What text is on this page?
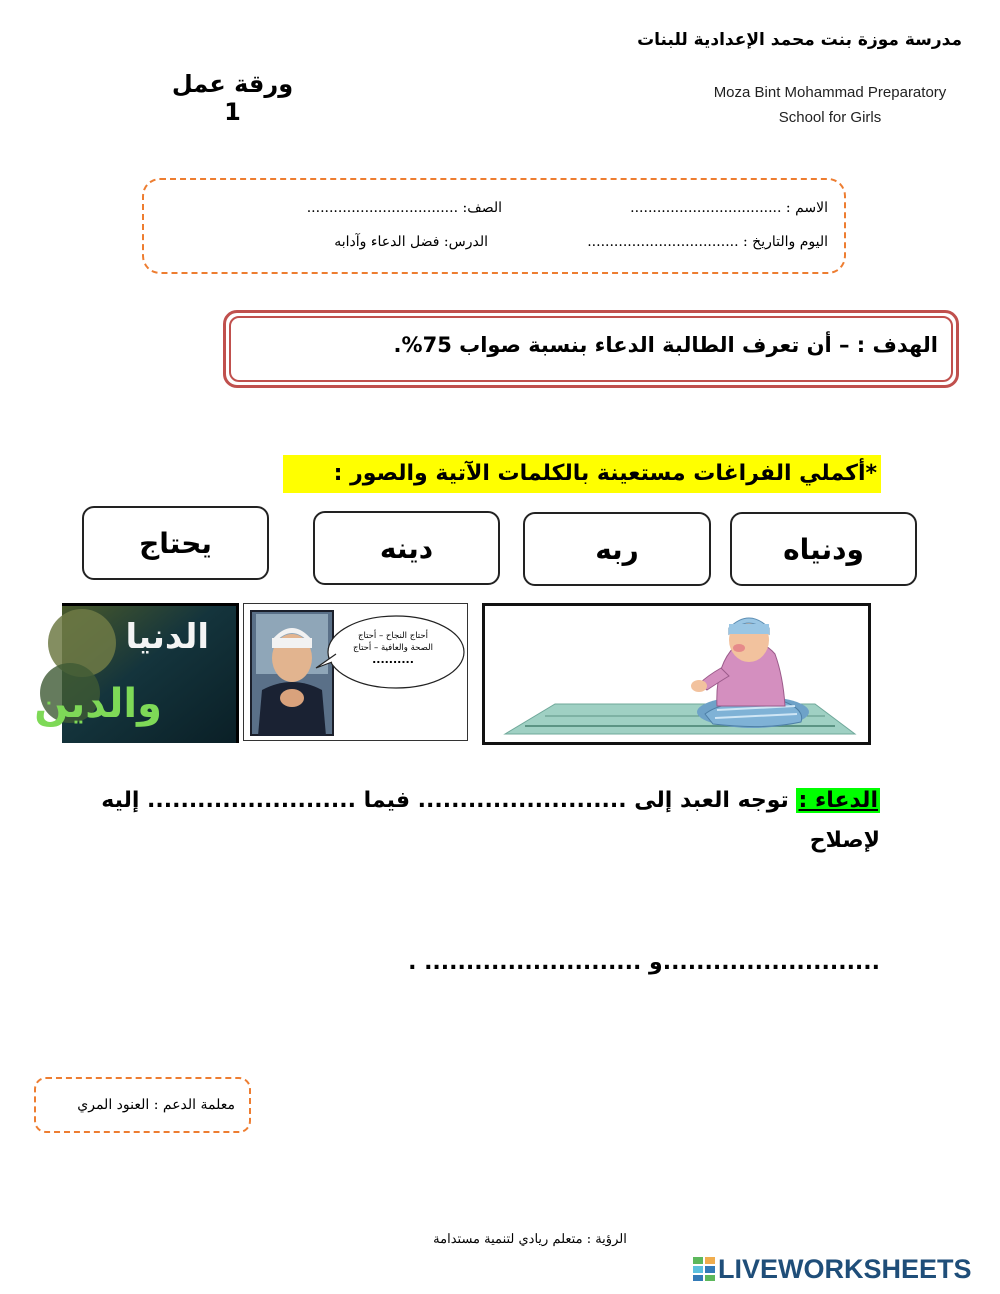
مدرسة موزة بنت محمد الإعدادية للبنات
Moza Bint Mohammad Preparatory
School for Girls
ورقة عمل 1
الاسم : ..................................
الصف: ..................................
اليوم والتاريخ : ..................................
الدرس: فضل الدعاء وآدابه
الهدف : – أن تعرف الطالبة الدعاء بنسبة صواب 75%.
*أكملي الفراغات مستعينة بالكلمات الآتية والصور :
ودنياه
ربه
دينه
يحتاج
الدنيا
والدين
أحتاج النجاح – أحتاج
الصحة والعافية – أحتاج
..........
الدعاء : توجه العبد إلى ......................... فيما ......................... إليه
لإصلاح
..........................و .......................... .
معلمة الدعم : العنود المري
الرؤية : متعلم ريادي لتنمية مستدامة
LIVEWORKSHEETS
